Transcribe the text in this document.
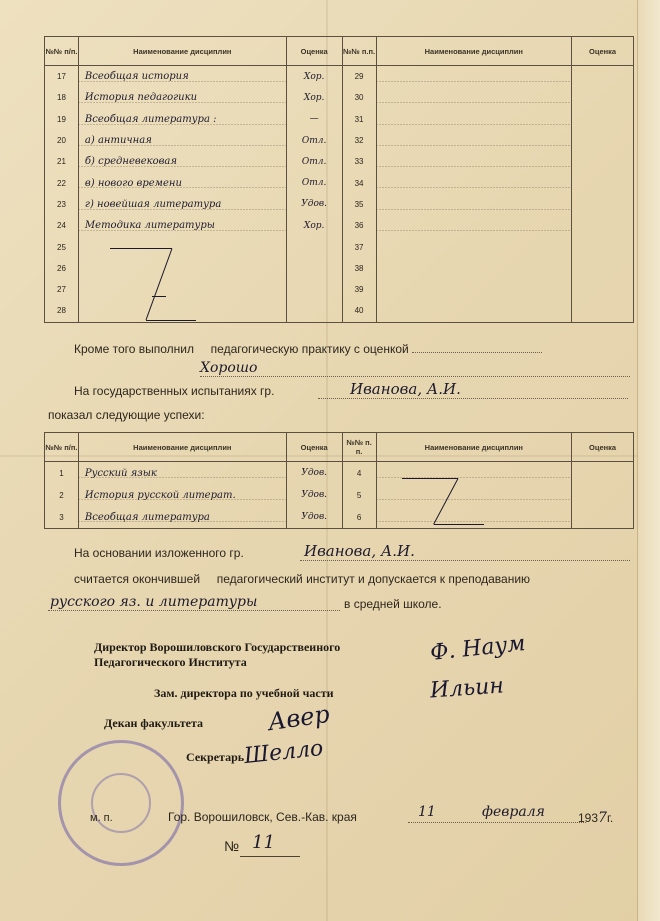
№№ п/п.	Наименование дисциплин	Оценка	№№ п.п.	Наименование дисциплин	Оценка
17	Всеобщая история	Хор.	29		
18	История педагогики	Хор.	30		
19	Всеобщая литература :	—	31		
20	а) античная	Отл.	32		
21	б) средневековая	Отл.	33		
22	в) нового времени	Отл.	34		
23	г) новейшая литература	Удов.	35		
24	Методика литературы	Хор.	36		
25			37		
26			38		
27			39		
28			40		
Кроме того выполнил педагогическую практику с оценкой
Хорошо
На государственных испытаниях гр.	Иванова, А.И.
показал следующие успехи:
№№ п/п.	Наименование дисциплин	Оценка	№№ п. п.	Наименование дисциплин	Оценка
1	Русский язык	Удов.	4		
2	История русской литерат.	Удов.	5		
3	Всеобщая литература	Удов.	6		
На основании изложенного гр.	Иванова, А.И.
считается окончившей педагогический институт и допускается к преподаванию
русского яз. и литературы	в средней школе.
Директор Ворошиловского Государствеиного Педагогического Института	Ф. Наум
Зам. директора по учебной части	Ильин
Декан факультета	Авер
Секретарь
Шелло
м. п.	Гор. Ворошиловск, Сев.-Кав. края	11	февраля	1937г.
№ 11
